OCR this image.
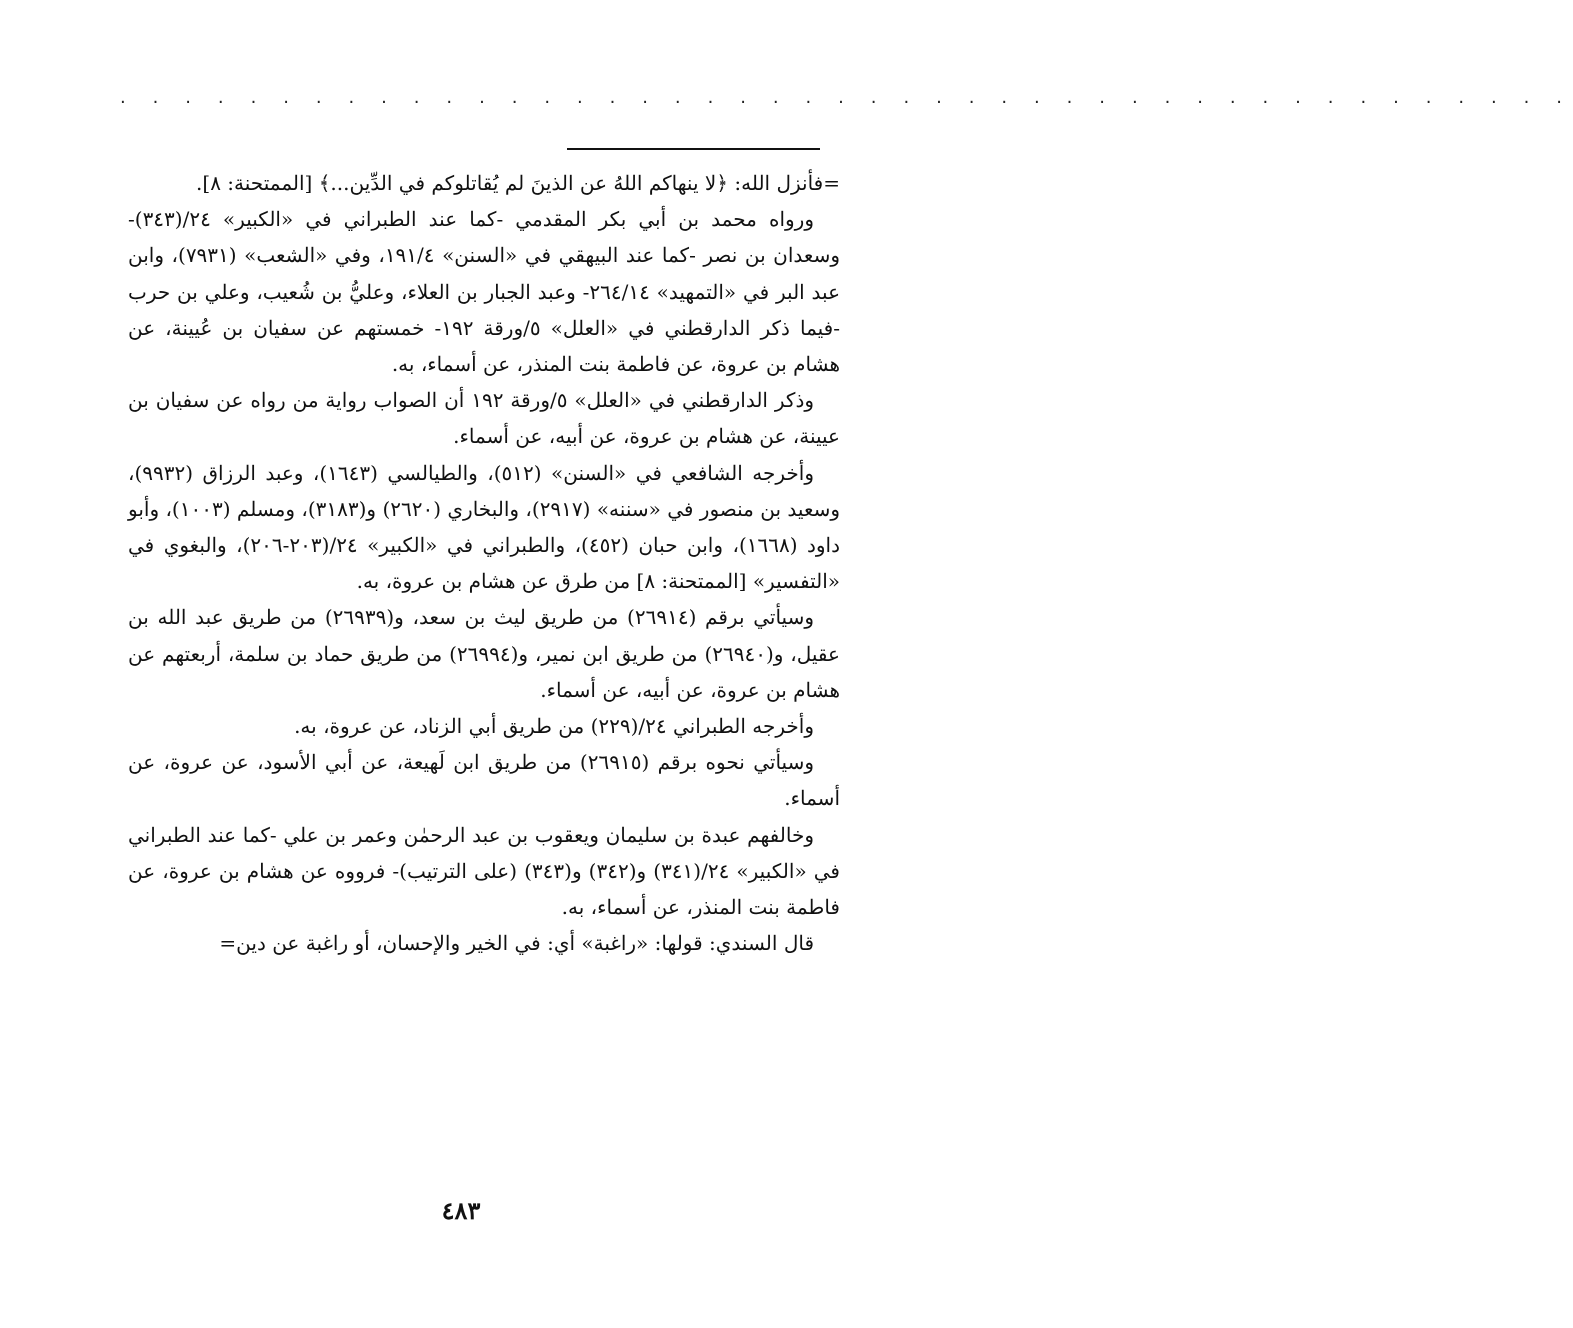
· · · · · · · · · · · · · · · · · · · · · · · · · · · · · · · · · · · · · · · · · · · · ·

=فأنزل الله: ﴿لا ينهاكم اللهُ عن الذينَ لم يُقاتلوكم في الدِّين...﴾ [الممتحنة: ٨].

ورواه محمد بن أبي بكر المقدمي -كما عند الطبراني في «الكبير» ٢٤/(٣٤٣)- وسعدان بن نصر -كما عند البيهقي في «السنن» ١٩١/٤، وفي «الشعب» (٧٩٣١)، وابن عبد البر في «التمهيد» ٢٦٤/١٤- وعبد الجبار بن العلاء، وعليُّ بن شُعيب، وعلي بن حرب -فيما ذكر الدارقطني في «العلل» ٥/ورقة ١٩٢- خمستهم عن سفيان بن عُيينة، عن هشام بن عروة، عن فاطمة بنت المنذر، عن أسماء، به.

وذكر الدارقطني في «العلل» ٥/ورقة ١٩٢ أن الصواب رواية من رواه عن سفيان بن عيينة، عن هشام بن عروة، عن أبيه، عن أسماء.

وأخرجه الشافعي في «السنن» (٥١٢)، والطيالسي (١٦٤٣)، وعبد الرزاق (٩٩٣٢)، وسعيد بن منصور في «سننه» (٢٩١٧)، والبخاري (٢٦٢٠) و(٣١٨٣)، ومسلم (١٠٠٣)، وأبو داود (١٦٦٨)، وابن حبان (٤٥٢)، والطبراني في «الكبير» ٢٤/(٢٠٣-٢٠٦)، والبغوي في «التفسير» [الممتحنة: ٨] من طرق عن هشام بن عروة، به.

وسيأتي برقم (٢٦٩١٤) من طريق ليث بن سعد، و(٢٦٩٣٩) من طريق عبد الله بن عقيل، و(٢٦٩٤٠) من طريق ابن نمير، و(٢٦٩٩٤) من طريق حماد بن سلمة، أربعتهم عن هشام بن عروة، عن أبيه، عن أسماء.

وأخرجه الطبراني ٢٤/(٢٢٩) من طريق أبي الزناد، عن عروة، به.

وسيأتي نحوه برقم (٢٦٩١٥) من طريق ابن لَهيعة، عن أبي الأسود، عن عروة، عن أسماء.

وخالفهم عبدة بن سليمان ويعقوب بن عبد الرحمٰن وعمر بن علي -كما عند الطبراني في «الكبير» ٢٤/(٣٤١) و(٣٤٢) و(٣٤٣) (على الترتيب)- فرووه عن هشام بن عروة، عن فاطمة بنت المنذر، عن أسماء، به.

قال السندي: قولها: «راغبة» أي: في الخير والإحسان، أو راغبة عن دين=

٤٨٣
